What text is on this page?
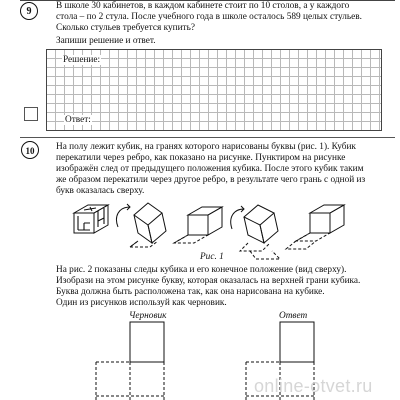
9	В школе 30 кабинетов, в каждом кабинете стоит по 10 столов, а у каждого
стола – по 2 стула. После учебного года в школе осталось 589 целых стульев.
Сколько стульев требуется купить?
Запиши решение и ответ.
Решение:
Ответ:
10	На полу лежит кубик, на гранях которого нарисованы буквы (рис. 1). Кубик
перекатили через ребро, как показано на рисунке. Пунктиром на рисунке
изображён след от предыдущего положения кубика. После этого кубик таким
же образом перекатили через другое ребро, в результате чего грань с одной из
букв оказалась сверху.
Рис. 1
На рис. 2 показаны следы кубика и его конечное положение (вид сверху).
Изобрази на этом рисунке букву, которая оказалась на верхней грани кубика.
Буква должна быть расположена так, как она нарисована на кубике.
Один из рисунков используй как черновик.
Черновик	Ответ
online-otvet.ru
